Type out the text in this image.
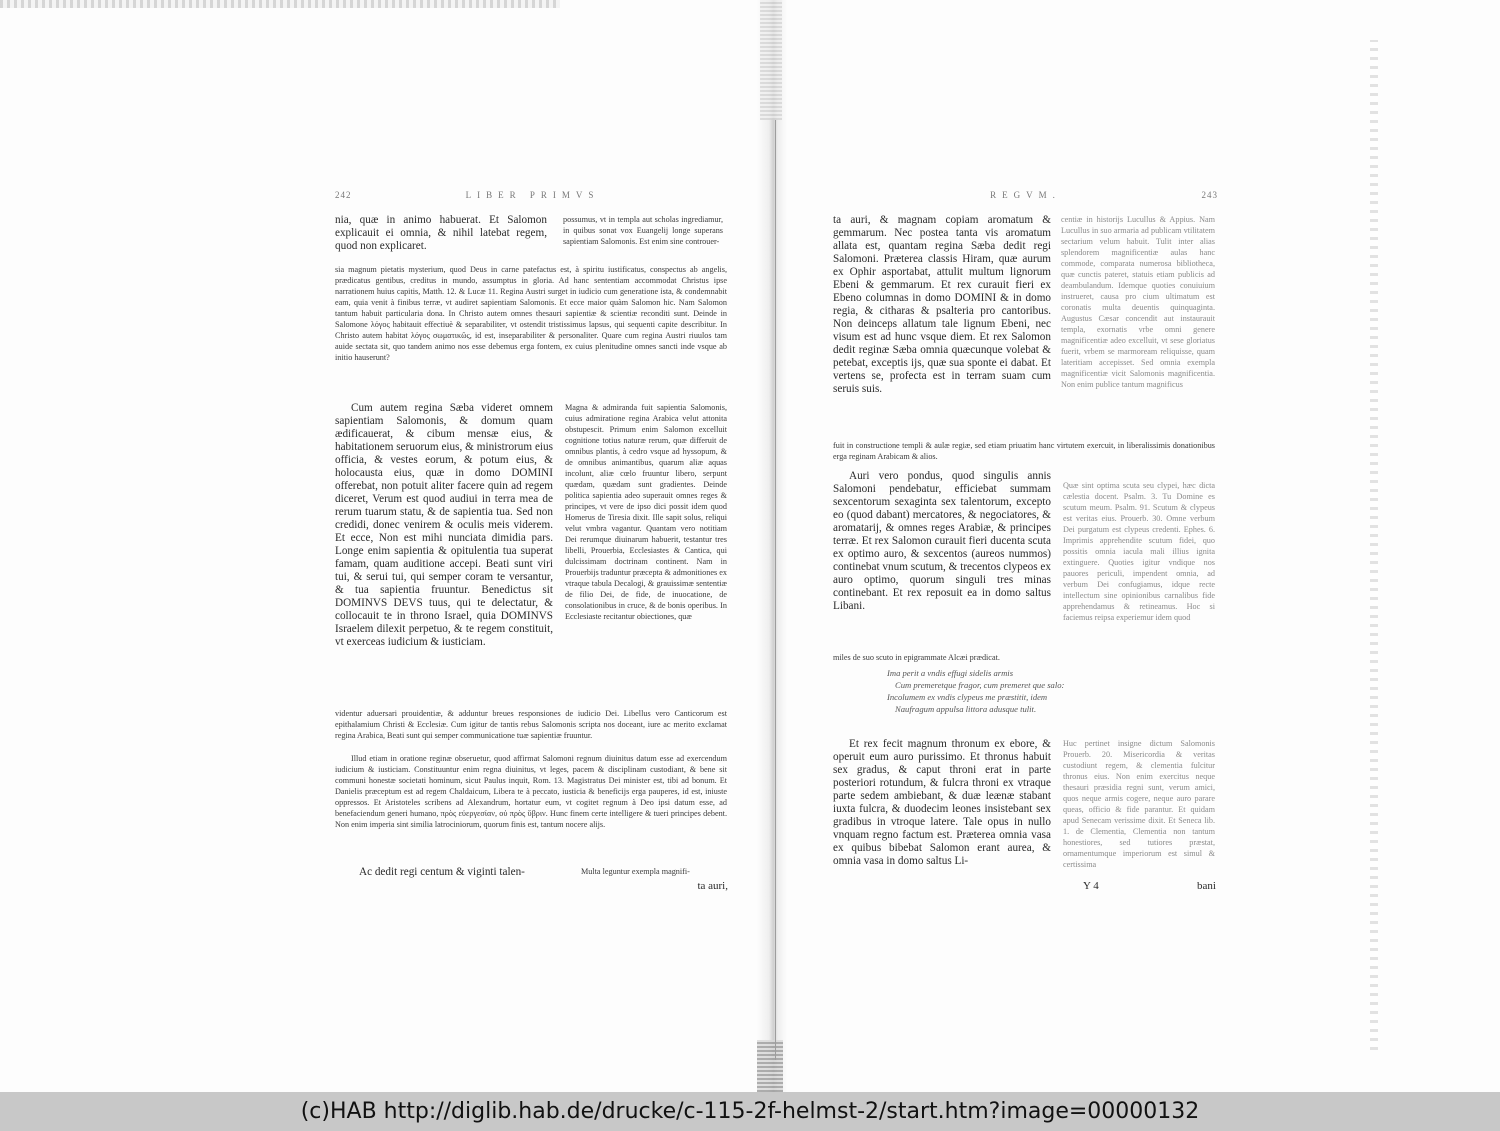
242	LIBER PRIMVS
nia, quæ in animo habuerat. Et Salomon explicauit ei omnia, & nihil latebat regem, quod non explicaret.
possumus, vt in templa aut scholas ingrediamur, in quibus sonat vox Euangelij longe superans sapientiam Salomonis. Est enim sine controuer-
sia magnum pietatis mysterium, quod Deus in carne patefactus est, à spiritu iustificatus, conspectus ab angelis, prædicatus gentibus, creditus in mundo, assumptus in gloria. Ad hanc sententiam accommodat Christus ipse narrationem huius capitis, Matth. 12. & Lucæ 11. Regina Austri surget in iudicio cum generatione ista, & condemnabit eam, quia venit à finibus terræ, vt audiret sapientiam Salomonis. Et ecce maior quàm Salomon hic. Nam Salomon tantum habuit particularia dona. In Christo autem omnes thesauri sapientiæ & scientiæ reconditi sunt. Deinde in Salomone λόγος habitauit effectiuè & separabiliter, vt ostendit tristissimus lapsus, qui sequenti capite describitur. In Christo autem habitat λόγος σωματικῶς, id est, inseparabiliter & personaliter. Quare cum regina Austri riuulos tam auide sectata sit, quo tandem animo nos esse debemus erga fontem, ex cuius plenitudine omnes sancti inde vsque ab initio hauserunt?
Cum autem regina Sæba videret omnem sapientiam Salomonis, & domum quam ædificauerat, & cibum mensæ eius, & habitationem seruorum eius, & ministrorum eius officia, & vestes eorum, & potum eius, & holocausta eius, quæ in domo DOMINI offerebat, non potuit aliter facere quin ad regem diceret, Verum est quod audiui in terra mea de rerum tuarum statu, & de sapientia tua. Sed non credidi, donec venirem & oculis meis viderem. Et ecce, Non est mihi nunciata dimidia pars. Longe enim sapientia & opitulentia tua superat famam, quam auditione accepi. Beati sunt viri tui, & serui tui, qui semper coram te versantur, & tua sapientia fruuntur. Benedictus sit DOMINVS DEVS tuus, qui te delectatur, & collocauit te in throno Israel, quia DOMINVS Israelem dilexit perpetuo, & te regem constituit, vt exerceas iudicium & iusticiam.
Magna & admiranda fuit sapientia Salomonis, cuius admiratione regina Arabica velut attonita obstupescit. Primum enim Salomon excelluit cognitione totius naturæ rerum, quæ differuit de omnibus plantis, à cedro vsque ad hyssopum, & de omnibus animantibus, quarum aliæ aquas incolunt, aliæ cœlo fruuntur libero, serpunt quædam, quædam sunt gradientes. Deinde politica sapientia adeo superauit omnes reges & principes, vt vere de ipso dici possit idem quod Homerus de Tiresia dixit. Ille sapit solus, reliqui velut vmbra vagantur. Quantam vero notitiam Dei rerumque diuinarum habuerit, testantur tres libelli, Prouerbia, Ecclesiastes & Cantica, qui dulcissimam doctrinam continent. Nam in Prouerbijs traduntur præcepta & admonitiones ex vtraque tabula Decalogi, & grauissimæ sententiæ de filio Dei, de fide, de inuocatione, de consolationibus in cruce, & de bonis operibus. In Ecclesiaste recitantur obiectiones, quæ
videntur aduersari prouidentiæ, & adduntur breues responsiones de iudicio Dei. Libellus vero Canticorum est epithalamium Christi & Ecclesiæ. Cum igitur de tantis rebus Salomonis scripta nos doceant, iure ac merito exclamat regina Arabica, Beati sunt qui semper communicatione tuæ sapientiæ fruuntur.
Illud etiam in oratione reginæ obseruetur, quod affirmat Salomoni regnum diuinitus datum esse ad exercendum iudicium & iusticiam. Constituuntur enim regna diuinitus, vt leges, pacem & disciplinam custodiant, & bene sit communi honestæ societati hominum, sicut Paulus inquit, Rom. 13. Magistratus Dei minister est, tibi ad bonum. Et Danielis præceptum est ad regem Chaldaicum, Libera te à peccato, iusticia & beneficijs erga pauperes, id est, iniuste oppressos. Et Aristoteles scribens ad Alexandrum, hortatur eum, vt cogitet regnum à Deo ipsi datum esse, ad benefaciendum generi humano, πρὸς εὐεργεσίαν, οὐ πρὸς ὕβριν. Hunc finem certe intelligere & tueri principes debent. Non enim imperia sint similia latrociniorum, quorum finis est, tantum nocere alijs.
Ac dedit regi centum & viginti talen-	Multa leguntur exempla magnifi-
ta auri,
REGVM.	243
ta auri, & magnam copiam aromatum & gemmarum. Nec postea tanta vis aromatum allata est, quantam regina Sæba dedit regi Salomoni. Præterea classis Hiram, quæ aurum ex Ophir asportabat, attulit multum lignorum Ebeni & gemmarum. Et rex curauit fieri ex Ebeno columnas in domo DOMINI & in domo regia, & citharas & psalteria pro cantoribus. Non deinceps allatum tale lignum Ebeni, nec visum est ad hunc vsque diem. Et rex Salomon dedit reginæ Sæba omnia quæcunque volebat & petebat, exceptis ijs, quæ sua sponte ei dabat. Et vertens se, profecta est in terram suam cum seruis suis.
centiæ in historijs Lucullus & Appius. Nam Lucullus in suo armaria ad publicam vtilitatem sectarium velum habuit. Tulit inter alias splendorem magnificentiæ aulas hanc commode, comparata numerosa bibliotheca, quæ cunctis pateret, statuis etiam publicis ad deambulandum. Idemque quoties conuiuium instrueret, causa pro cium ultimatum est coronatis multa deuentis quinquaginta. Augustus Cæsar concendit aut instaurauit templa, exornatis vrbe omni genere magnificentiæ adeo excelluit, vt sese gloriatus fuerit, vrbem se marmoream reliquisse, quam lateritiam accepisset. Sed omnia exempla magnificentiæ vicit Salomonis magnificentia. Non enim publice tantum magnificus
fuit in constructione templi & aulæ regiæ, sed etiam priuatim hanc virtutem exercuit, in liberalissimis donationibus erga reginam Arabicam & alios.
Auri vero pondus, quod singulis annis Salomoni pendebatur, efficiebat summam sexcentorum sexaginta sex talentorum, excepto eo (quod dabant) mercatores, & negociatores, & aromatarij, & omnes reges Arabiæ, & principes terræ. Et rex Salomon curauit fieri ducenta scuta ex optimo auro, & sexcentos (aureos nummos) continebat vnum scutum, & trecentos clypeos ex auro optimo, quorum singuli tres minas continebant. Et rex reposuit ea in domo saltus Libani.
Quæ sint optima scuta seu clypei, hæc dicta cælestia docent. Psalm. 3. Tu Domine es scutum meum. Psalm. 91. Scutum & clypeus est veritas eius. Prouerb. 30. Omne verbum Dei purgatum est clypeus credenti. Ephes. 6. Imprimis apprehendite scutum fidei, quo possitis omnia iacula mali illius ignita extinguere. Quoties igitur vndique nos pauores periculi, impendent omnia, ad verbum Dei confugiamus, idque recte intellectum sine opinionibus carnalibus fide apprehendamus & retineamus. Hoc si faciemus reipsa experiemur idem quod
miles de suo scuto in epigrammate Alcæi prædicat.
Ima perit a vndis effugi sidelis armis
Cum premeretque fragor, cum premeret que salo:
Incolumem ex vndis clypeus me præstitit, idem
Naufragum appulsa littora adusque tulit.
Et rex fecit magnum thronum ex ebore, & operuit eum auro purissimo. Et thronus habuit sex gradus, & caput throni erat in parte posteriori rotundum, & fulcra throni ex vtraque parte sedem ambiebant, & duæ leænæ stabant iuxta fulcra, & duodecim leones insistebant sex gradibus in vtroque latere. Tale opus in nullo vnquam regno factum est. Præterea omnia vasa ex quibus bibebat Salomon erant aurea, & omnia vasa in domo saltus Li-
Huc pertinet insigne dictum Salomonis Prouerb. 20. Misericordia & veritas custodiunt regem, & clementia fulcitur thronus eius. Non enim exercitus neque thesauri præsidia regni sunt, verum amici, quos neque armis cogere, neque auro parare queas, officio & fide parantur. Et quidam apud Senecam verissime dixit. Et Seneca lib. 1. de Clementia, Clementia non tantum honestiores, sed tutiores præstat, ornamentumque imperiorum est simul & certissima
Y 4	bani
(c)HAB http://diglib.hab.de/drucke/c-115-2f-helmst-2/start.htm?image=00000132
